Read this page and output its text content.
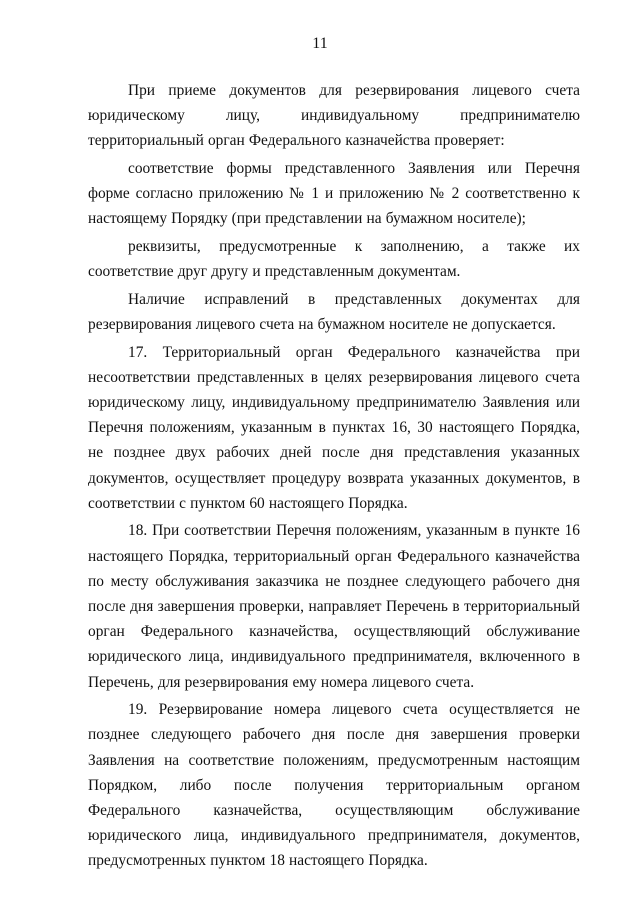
11

При приеме документов для резервирования лицевого счета юридическому лицу, индивидуальному предпринимателю территориальный орган Федерального казначейства проверяет:

соответствие формы представленного Заявления или Перечня форме согласно приложению № 1 и приложению № 2 соответственно к настоящему Порядку (при представлении на бумажном носителе);

реквизиты, предусмотренные к заполнению, а также их соответствие друг другу и представленным документам.

Наличие исправлений в представленных документах для резервирования лицевого счета на бумажном носителе не допускается.

17. Территориальный орган Федерального казначейства при несоответствии представленных в целях резервирования лицевого счета юридическому лицу, индивидуальному предпринимателю Заявления или Перечня положениям, указанным в пунктах 16, 30 настоящего Порядка, не позднее двух рабочих дней после дня представления указанных документов, осуществляет процедуру возврата указанных документов, в соответствии с пунктом 60 настоящего Порядка.

18. При соответствии Перечня положениям, указанным в пункте 16 настоящего Порядка, территориальный орган Федерального казначейства по месту обслуживания заказчика не позднее следующего рабочего дня после дня завершения проверки, направляет Перечень в территориальный орган Федерального казначейства, осуществляющий обслуживание юридического лица, индивидуального предпринимателя, включенного в Перечень, для резервирования ему номера лицевого счета.

19. Резервирование номера лицевого счета осуществляется не позднее следующего рабочего дня после дня завершения проверки Заявления на соответствие положениям, предусмотренным настоящим Порядком, либо после получения территориальным органом Федерального казначейства, осуществляющим обслуживание юридического лица, индивидуального предпринимателя, документов, предусмотренных пунктом 18 настоящего Порядка.
